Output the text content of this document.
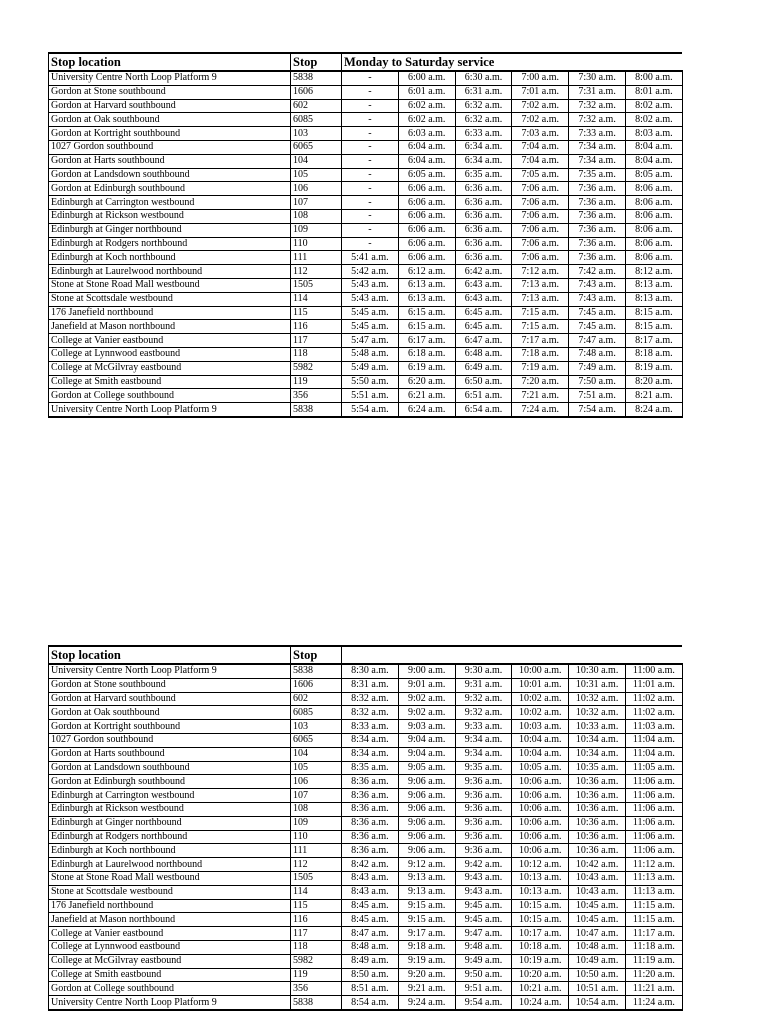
Stop location	Stop	Monday to Saturday service					
University Centre North Loop Platform 9	5838	-	6:00 a.m.	6:30 a.m.	7:00 a.m.	7:30 a.m.	8:00 a.m.
Gordon at Stone southbound	1606	-	6:01 a.m.	6:31 a.m.	7:01 a.m.	7:31 a.m.	8:01 a.m.
Gordon at Harvard southbound	602	-	6:02 a.m.	6:32 a.m.	7:02 a.m.	7:32 a.m.	8:02 a.m.
Gordon at Oak southbound	6085	-	6:02 a.m.	6:32 a.m.	7:02 a.m.	7:32 a.m.	8:02 a.m.
Gordon at Kortright southbound	103	-	6:03 a.m.	6:33 a.m.	7:03 a.m.	7:33 a.m.	8:03 a.m.
1027 Gordon southbound	6065	-	6:04 a.m.	6:34 a.m.	7:04 a.m.	7:34 a.m.	8:04 a.m.
Gordon at Harts southbound	104	-	6:04 a.m.	6:34 a.m.	7:04 a.m.	7:34 a.m.	8:04 a.m.
Gordon at Landsdown southbound	105	-	6:05 a.m.	6:35 a.m.	7:05 a.m.	7:35 a.m.	8:05 a.m.
Gordon at Edinburgh southbound	106	-	6:06 a.m.	6:36 a.m.	7:06 a.m.	7:36 a.m.	8:06 a.m.
Edinburgh at Carrington westbound	107	-	6:06 a.m.	6:36 a.m.	7:06 a.m.	7:36 a.m.	8:06 a.m.
Edinburgh at Rickson westbound	108	-	6:06 a.m.	6:36 a.m.	7:06 a.m.	7:36 a.m.	8:06 a.m.
Edinburgh at Ginger northbound	109	-	6:06 a.m.	6:36 a.m.	7:06 a.m.	7:36 a.m.	8:06 a.m.
Edinburgh at Rodgers northbound	110	-	6:06 a.m.	6:36 a.m.	7:06 a.m.	7:36 a.m.	8:06 a.m.
Edinburgh at Koch northbound	111	5:41 a.m.	6:06 a.m.	6:36 a.m.	7:06 a.m.	7:36 a.m.	8:06 a.m.
Edinburgh at Laurelwood northbound	112	5:42 a.m.	6:12 a.m.	6:42 a.m.	7:12 a.m.	7:42 a.m.	8:12 a.m.
Stone at Stone Road Mall westbound	1505	5:43 a.m.	6:13 a.m.	6:43 a.m.	7:13 a.m.	7:43 a.m.	8:13 a.m.
Stone at Scottsdale westbound	114	5:43 a.m.	6:13 a.m.	6:43 a.m.	7:13 a.m.	7:43 a.m.	8:13 a.m.
176 Janefield northbound	115	5:45 a.m.	6:15 a.m.	6:45 a.m.	7:15 a.m.	7:45 a.m.	8:15 a.m.
Janefield at Mason northbound	116	5:45 a.m.	6:15 a.m.	6:45 a.m.	7:15 a.m.	7:45 a.m.	8:15 a.m.
College at Vanier eastbound	117	5:47 a.m.	6:17 a.m.	6:47 a.m.	7:17 a.m.	7:47 a.m.	8:17 a.m.
College at Lynnwood eastbound	118	5:48 a.m.	6:18 a.m.	6:48 a.m.	7:18 a.m.	7:48 a.m.	8:18 a.m.
College at McGilvray eastbound	5982	5:49 a.m.	6:19 a.m.	6:49 a.m.	7:19 a.m.	7:49 a.m.	8:19 a.m.
College at Smith eastbound	119	5:50 a.m.	6:20 a.m.	6:50 a.m.	7:20 a.m.	7:50 a.m.	8:20 a.m.
Gordon at College southbound	356	5:51 a.m.	6:21 a.m.	6:51 a.m.	7:21 a.m.	7:51 a.m.	8:21 a.m.
University Centre North Loop Platform 9	5838	5:54 a.m.	6:24 a.m.	6:54 a.m.	7:24 a.m.	7:54 a.m.	8:24 a.m.
Stop location	Stop						
University Centre North Loop Platform 9	5838	8:30 a.m.	9:00 a.m.	9:30 a.m.	10:00 a.m.	10:30 a.m.	11:00 a.m.
Gordon at Stone southbound	1606	8:31 a.m.	9:01 a.m.	9:31 a.m.	10:01 a.m.	10:31 a.m.	11:01 a.m.
Gordon at Harvard southbound	602	8:32 a.m.	9:02 a.m.	9:32 a.m.	10:02 a.m.	10:32 a.m.	11:02 a.m.
Gordon at Oak southbound	6085	8:32 a.m.	9:02 a.m.	9:32 a.m.	10:02 a.m.	10:32 a.m.	11:02 a.m.
Gordon at Kortright southbound	103	8:33 a.m.	9:03 a.m.	9:33 a.m.	10:03 a.m.	10:33 a.m.	11:03 a.m.
1027 Gordon southbound	6065	8:34 a.m.	9:04 a.m.	9:34 a.m.	10:04 a.m.	10:34 a.m.	11:04 a.m.
Gordon at Harts southbound	104	8:34 a.m.	9:04 a.m.	9:34 a.m.	10:04 a.m.	10:34 a.m.	11:04 a.m.
Gordon at Landsdown southbound	105	8:35 a.m.	9:05 a.m.	9:35 a.m.	10:05 a.m.	10:35 a.m.	11:05 a.m.
Gordon at Edinburgh southbound	106	8:36 a.m.	9:06 a.m.	9:36 a.m.	10:06 a.m.	10:36 a.m.	11:06 a.m.
Edinburgh at Carrington westbound	107	8:36 a.m.	9:06 a.m.	9:36 a.m.	10:06 a.m.	10:36 a.m.	11:06 a.m.
Edinburgh at Rickson westbound	108	8:36 a.m.	9:06 a.m.	9:36 a.m.	10:06 a.m.	10:36 a.m.	11:06 a.m.
Edinburgh at Ginger northbound	109	8:36 a.m.	9:06 a.m.	9:36 a.m.	10:06 a.m.	10:36 a.m.	11:06 a.m.
Edinburgh at Rodgers northbound	110	8:36 a.m.	9:06 a.m.	9:36 a.m.	10:06 a.m.	10:36 a.m.	11:06 a.m.
Edinburgh at Koch northbound	111	8:36 a.m.	9:06 a.m.	9:36 a.m.	10:06 a.m.	10:36 a.m.	11:06 a.m.
Edinburgh at Laurelwood northbound	112	8:42 a.m.	9:12 a.m.	9:42 a.m.	10:12 a.m.	10:42 a.m.	11:12 a.m.
Stone at Stone Road Mall westbound	1505	8:43 a.m.	9:13 a.m.	9:43 a.m.	10:13 a.m.	10:43 a.m.	11:13 a.m.
Stone at Scottsdale westbound	114	8:43 a.m.	9:13 a.m.	9:43 a.m.	10:13 a.m.	10:43 a.m.	11:13 a.m.
176 Janefield northbound	115	8:45 a.m.	9:15 a.m.	9:45 a.m.	10:15 a.m.	10:45 a.m.	11:15 a.m.
Janefield at Mason northbound	116	8:45 a.m.	9:15 a.m.	9:45 a.m.	10:15 a.m.	10:45 a.m.	11:15 a.m.
College at Vanier eastbound	117	8:47 a.m.	9:17 a.m.	9:47 a.m.	10:17 a.m.	10:47 a.m.	11:17 a.m.
College at Lynnwood eastbound	118	8:48 a.m.	9:18 a.m.	9:48 a.m.	10:18 a.m.	10:48 a.m.	11:18 a.m.
College at McGilvray eastbound	5982	8:49 a.m.	9:19 a.m.	9:49 a.m.	10:19 a.m.	10:49 a.m.	11:19 a.m.
College at Smith eastbound	119	8:50 a.m.	9:20 a.m.	9:50 a.m.	10:20 a.m.	10:50 a.m.	11:20 a.m.
Gordon at College southbound	356	8:51 a.m.	9:21 a.m.	9:51 a.m.	10:21 a.m.	10:51 a.m.	11:21 a.m.
University Centre North Loop Platform 9	5838	8:54 a.m.	9:24 a.m.	9:54 a.m.	10:24 a.m.	10:54 a.m.	11:24 a.m.
